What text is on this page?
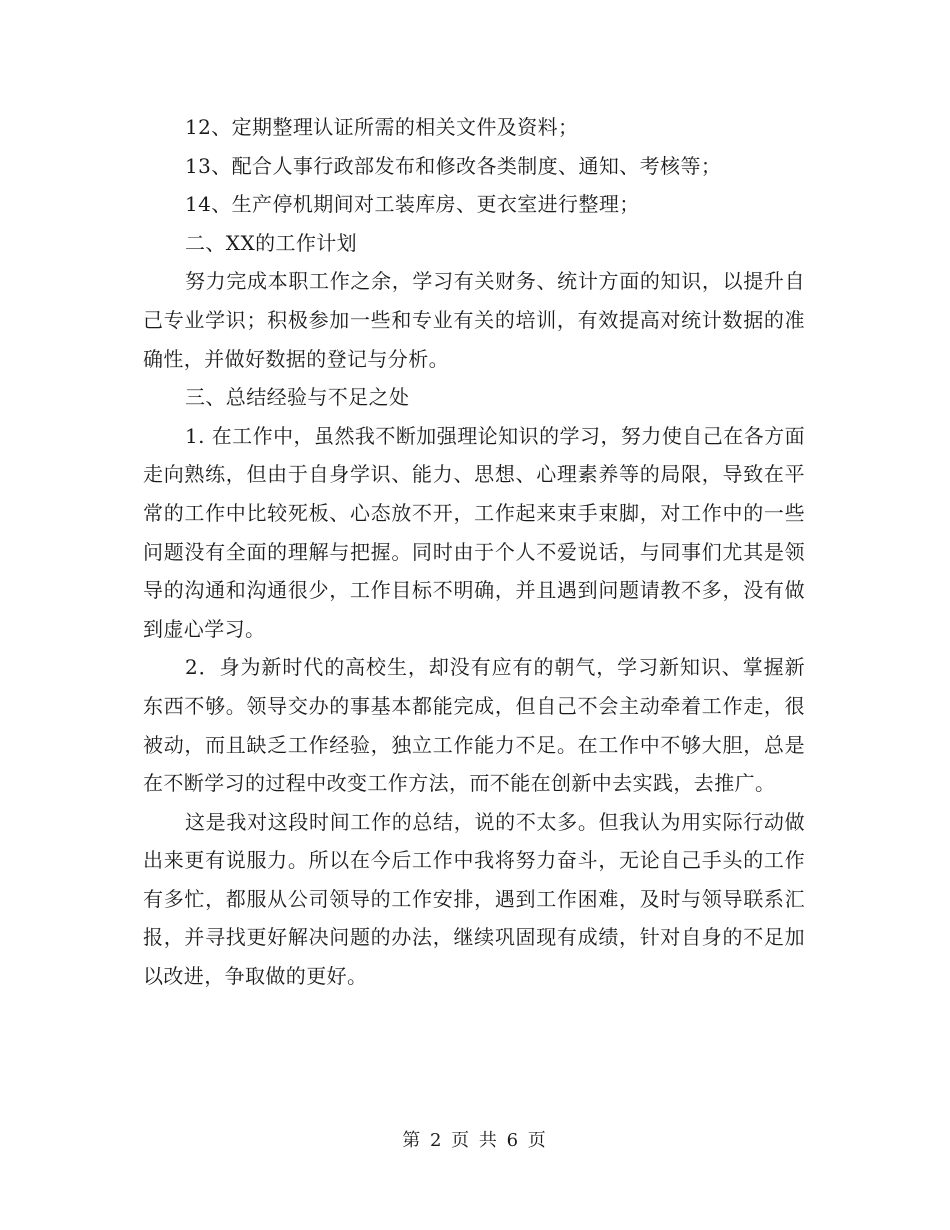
12、定期整理认证所需的相关文件及资料；

13、配合人事行政部发布和修改各类制度、通知、考核等；

14、生产停机期间对工装库房、更衣室进行整理；

二、XX的工作计划

努力完成本职工作之余，学习有关财务、统计方面的知识，以提升自己专业学识；积极参加一些和专业有关的培训，有效提高对统计数据的准确性，并做好数据的登记与分析。

三、总结经验与不足之处

1. 在工作中，虽然我不断加强理论知识的学习，努力使自己在各方面走向熟练，但由于自身学识、能力、思想、心理素养等的局限，导致在平常的工作中比较死板、心态放不开，工作起来束手束脚，对工作中的一些问题没有全面的理解与把握。同时由于个人不爱说话，与同事们尤其是领导的沟通和沟通很少，工作目标不明确，并且遇到问题请教不多，没有做到虚心学习。

2．身为新时代的高校生，却没有应有的朝气，学习新知识、掌握新东西不够。领导交办的事基本都能完成，但自己不会主动牵着工作走，很被动，而且缺乏工作经验，独立工作能力不足。在工作中不够大胆，总是在不断学习的过程中改变工作方法，而不能在创新中去实践，去推广。

这是我对这段时间工作的总结，说的不太多。但我认为用实际行动做出来更有说服力。所以在今后工作中我将努力奋斗，无论自己手头的工作有多忙，都服从公司领导的工作安排，遇到工作困难，及时与领导联系汇报，并寻找更好解决问题的办法，继续巩固现有成绩，针对自身的不足加以改进，争取做的更好。

第 2 页 共 6 页
